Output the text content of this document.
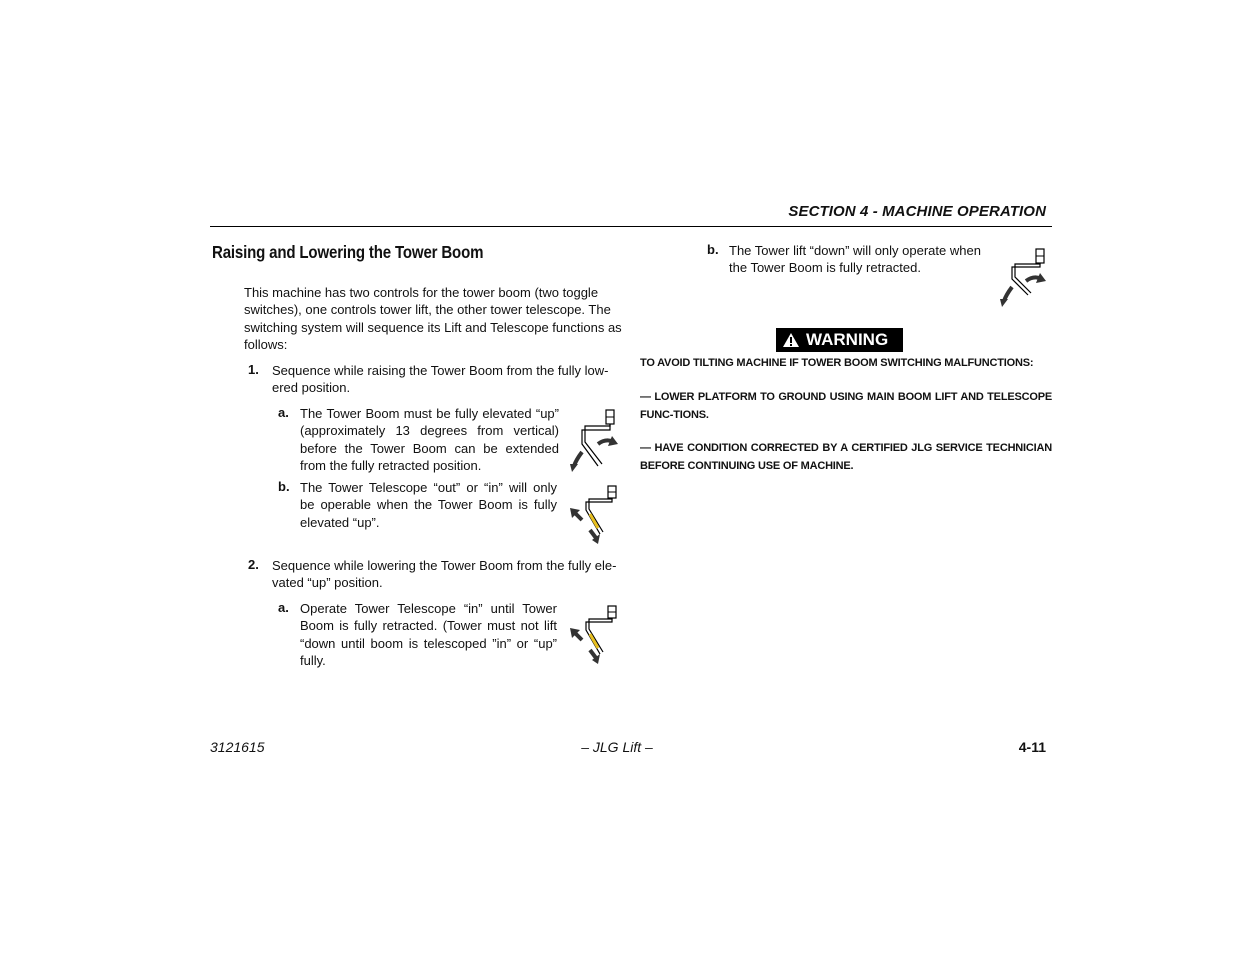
SECTION 4 - MACHINE OPERATION
Raising and Lowering the Tower Boom
This machine has two controls for the tower boom (two toggle switches), one controls tower lift, the other tower telescope. The switching system will sequence its Lift and Telescope functions as follows:
1. Sequence while raising the Tower Boom from the fully low-
ered position.
a. The Tower Boom must be fully elevated “up” (approximately 13 degrees from vertical) before the Tower Boom can be extended from the fully retracted position.
b. The Tower Telescope “out” or “in” will only be operable when the Tower Boom is fully elevated “up”.
2. Sequence while lowering the Tower Boom from the fully ele-
vated “up” position.
a. Operate Tower Telescope “in” until Tower Boom is fully retracted. (Tower must not lift “down until boom is telescoped ”in” or “up” fully.
b. The Tower lift “down” will only operate when the Tower Boom is fully retracted.
WARNING
TO AVOID TILTING MACHINE IF TOWER BOOM SWITCHING MALFUNCTIONS:
— LOWER PLATFORM TO GROUND USING MAIN BOOM LIFT AND TELESCOPE FUNC-TIONS.
— HAVE CONDITION CORRECTED BY A CERTIFIED JLG SERVICE TECHNICIAN BEFORE CONTINUING USE OF MACHINE.
3121615	– JLG Lift –	4-11
